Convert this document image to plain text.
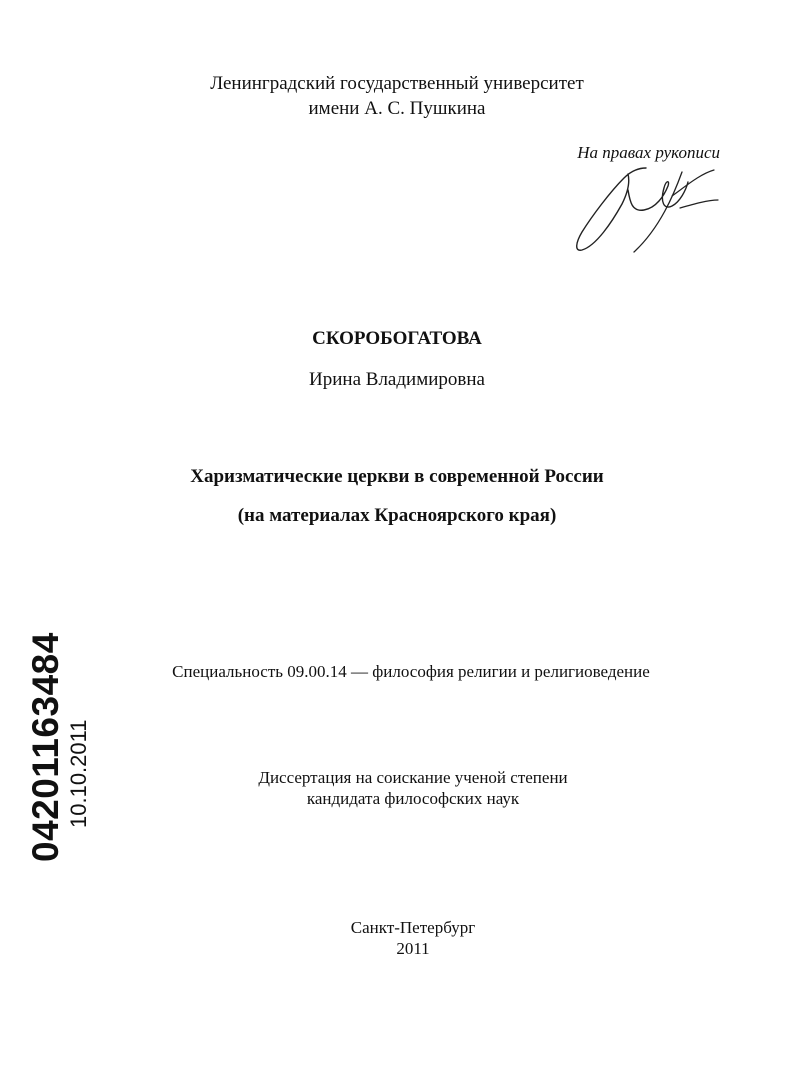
Ленинградский государственный университет
имени А. С. Пушкина
На правах рукописи
СКОРОБОГАТОВА
Ирина Владимировна
Харизматические церкви в современной России
(на материалах Красноярского края)
Специальность 09.00.14 — философия религии и религиоведение
Диссертация на соискание ученой степени
кандидата философских наук
Санкт-Петербург
2011
04201163484 10.10.2011
